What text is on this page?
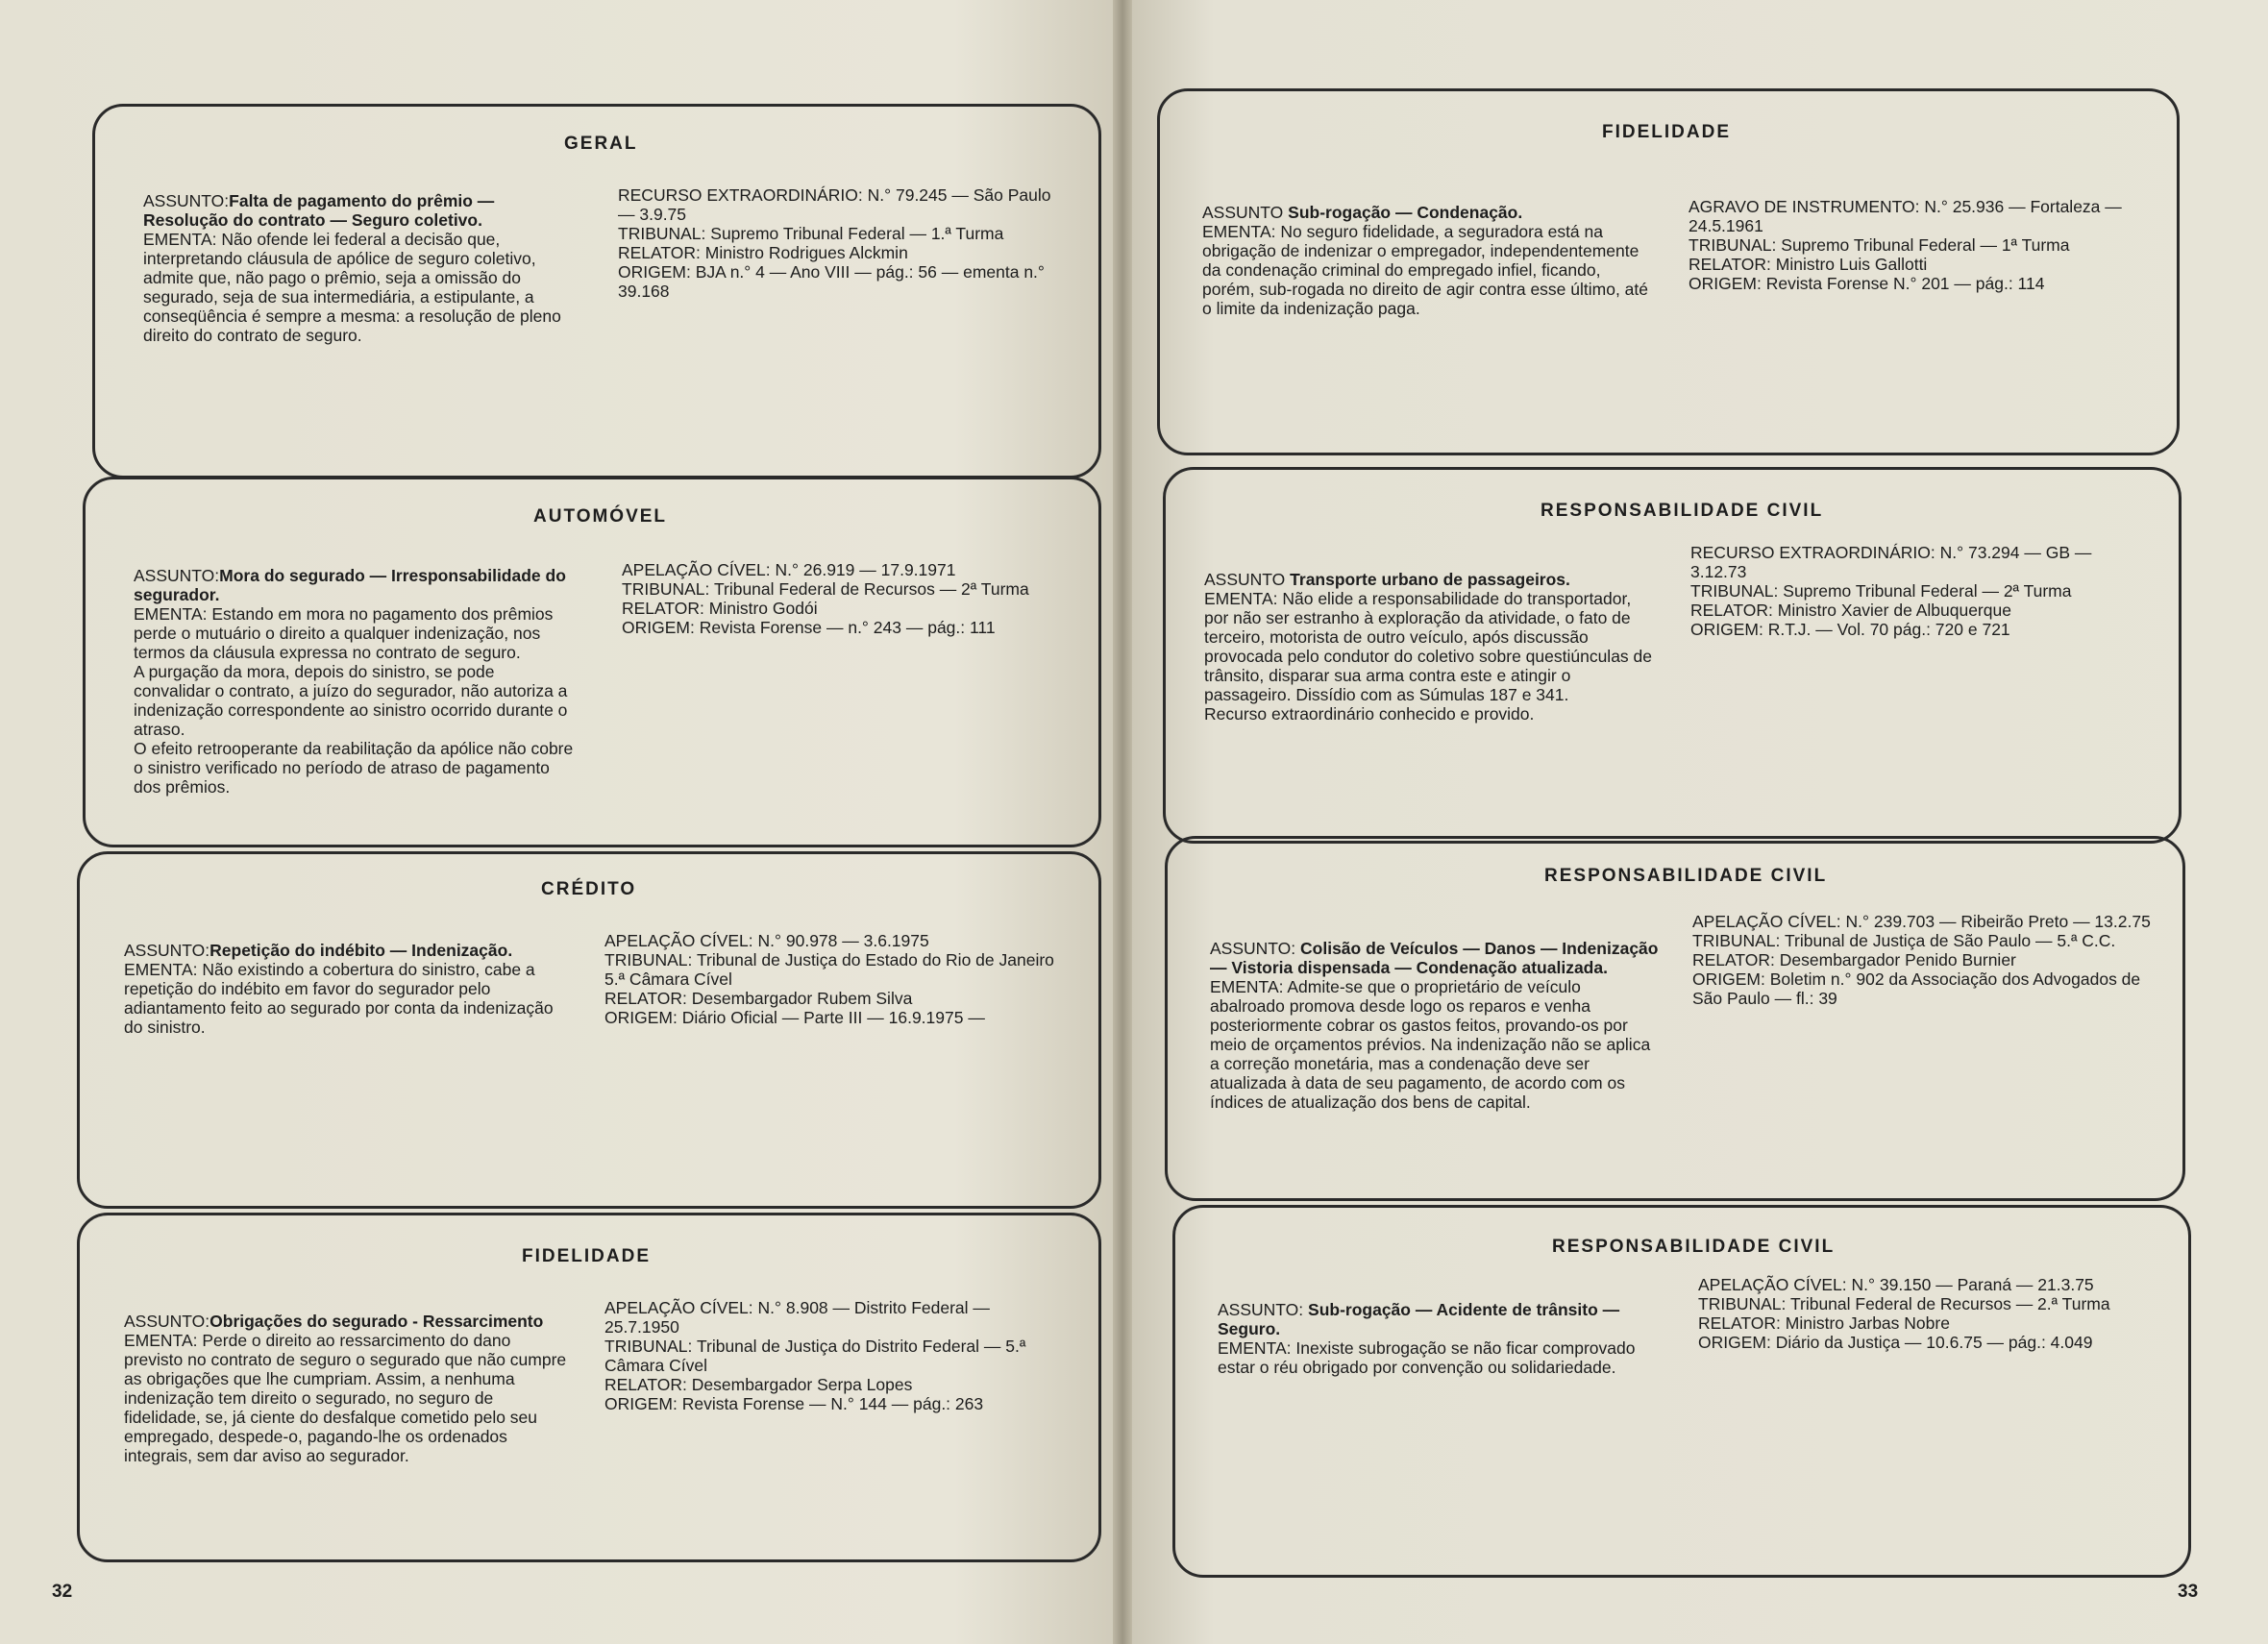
GERAL

ASSUNTO:Falta de pagamento do prêmio — Resolução do contrato — Seguro coletivo.

EMENTA: Não ofende lei federal a decisão que, interpretando cláusula de apólice de seguro coletivo, admite que, não pago o prêmio, seja a omissão do segurado, seja de sua intermediária, a estipulante, a conseqüência é sempre a mesma: a resolução de pleno direito do contrato de seguro.

RECURSO EXTRAORDINÁRIO: N.° 79.245 — São Paulo — 3.9.75
TRIBUNAL: Supremo Tribunal Federal — 1.ª Turma
RELATOR: Ministro Rodrigues Alckmin
ORIGEM: BJA n.° 4 — Ano VIII — pág.: 56 — ementa n.° 39.168
AUTOMÓVEL

ASSUNTO:Mora do segurado — Irresponsabilidade do segurador.

EMENTA: Estando em mora no pagamento dos prêmios perde o mutuário o direito a qualquer indenização, nos termos da cláusula expressa no contrato de seguro.
A purgação da mora, depois do sinistro, se pode convalidar o contrato, a juízo do segurador, não autoriza a indenização correspondente ao sinistro ocorrido durante o atraso.
O efeito retrooperante da reabilitação da apólice não cobre o sinistro verificado no período de atraso de pagamento dos prêmios.

APELAÇÃO CÍVEL: N.° 26.919 — 17.9.1971
TRIBUNAL: Tribunal Federal de Recursos — 2ª Turma
RELATOR: Ministro Godói
ORIGEM: Revista Forense — n.° 243 — pág.: 111
CRÉDITO

ASSUNTO:Repetição do indébito — Indenização.

EMENTA: Não existindo a cobertura do sinistro, cabe a repetição do indébito em favor do segurador pelo adiantamento feito ao segurado por conta da indenização do sinistro.

APELAÇÃO CÍVEL: N.° 90.978 — 3.6.1975
TRIBUNAL: Tribunal de Justiça do Estado do Rio de Janeiro 5.ª Câmara Cível
RELATOR: Desembargador Rubem Silva
ORIGEM: Diário Oficial — Parte III — 16.9.1975 —
FIDELIDADE

ASSUNTO:Obrigações do segurado - Ressarcimento

EMENTA: Perde o direito ao ressarcimento do dano previsto no contrato de seguro o segurado que não cumpre as obrigações que lhe cumpriam. Assim, a nenhuma indenização tem direito o segurado, no seguro de fidelidade, se, já ciente do desfalque cometido pelo seu empregado, despede-o, pagando-lhe os ordenados integrais, sem dar aviso ao segurador.

APELAÇÃO CÍVEL: N.° 8.908 — Distrito Federal — 25.7.1950
TRIBUNAL: Tribunal de Justiça do Distrito Federal — 5.ª Câmara Cível
RELATOR: Desembargador Serpa Lopes
ORIGEM: Revista Forense — N.° 144 — pág.: 263
32
FIDELIDADE

ASSUNTO Sub-rogação — Condenação.

EMENTA: No seguro fidelidade, a seguradora está na obrigação de indenizar o empregador, independentemente da condenação criminal do empregado infiel, ficando, porém, sub-rogada no direito de agir contra esse último, até o limite da indenização paga.

AGRAVO DE INSTRUMENTO: N.° 25.936 — Fortaleza — 24.5.1961
TRIBUNAL: Supremo Tribunal Federal — 1ª Turma
RELATOR: Ministro Luis Gallotti
ORIGEM: Revista Forense N.° 201 — pág.: 114
RESPONSABILIDADE CIVIL

ASSUNTO Transporte urbano de passageiros.

EMENTA: Não elide a responsabilidade do transportador, por não ser estranho à exploração da atividade, o fato de terceiro, motorista de outro veículo, após discussão provocada pelo condutor do coletivo sobre questiúnculas de trânsito, disparar sua arma contra este e atingir o passageiro. Dissídio com as Súmulas 187 e 341.
Recurso extraordinário conhecido e provido.

RECURSO EXTRAORDINÁRIO: N.° 73.294 — GB — 3.12.73
TRIBUNAL: Supremo Tribunal Federal — 2ª Turma
RELATOR: Ministro Xavier de Albuquerque
ORIGEM: R.T.J. — Vol. 70 pág.: 720 e 721
RESPONSABILIDADE CIVIL

ASSUNTO: Colisão de Veículos — Danos — Indenização — Vistoria dispensada — Condenação atualizada.

EMENTA: Admite-se que o proprietário de veículo abalroado promova desde logo os reparos e venha posteriormente cobrar os gastos feitos, provando-os por meio de orçamentos prévios. Na indenização não se aplica a correção monetária, mas a condenação deve ser atualizada à data de seu pagamento, de acordo com os índices de atualização dos bens de capital.

APELAÇÃO CÍVEL: N.° 239.703 — Ribeirão Preto — 13.2.75
TRIBUNAL: Tribunal de Justiça de São Paulo — 5.ª C.C.
RELATOR: Desembargador Penido Burnier
ORIGEM: Boletim n.° 902 da Associação dos Advogados de São Paulo — fl.: 39
RESPONSABILIDADE CIVIL

ASSUNTO: Sub-rogação — Acidente de trânsito — Seguro.

EMENTA: Inexiste subrogação se não ficar comprovado estar o réu obrigado por convenção ou solidariedade.

APELAÇÃO CÍVEL: N.° 39.150 — Paraná — 21.3.75
TRIBUNAL: Tribunal Federal de Recursos — 2.ª Turma
RELATOR: Ministro Jarbas Nobre
ORIGEM: Diário da Justiça — 10.6.75 — pág.: 4.049
33
